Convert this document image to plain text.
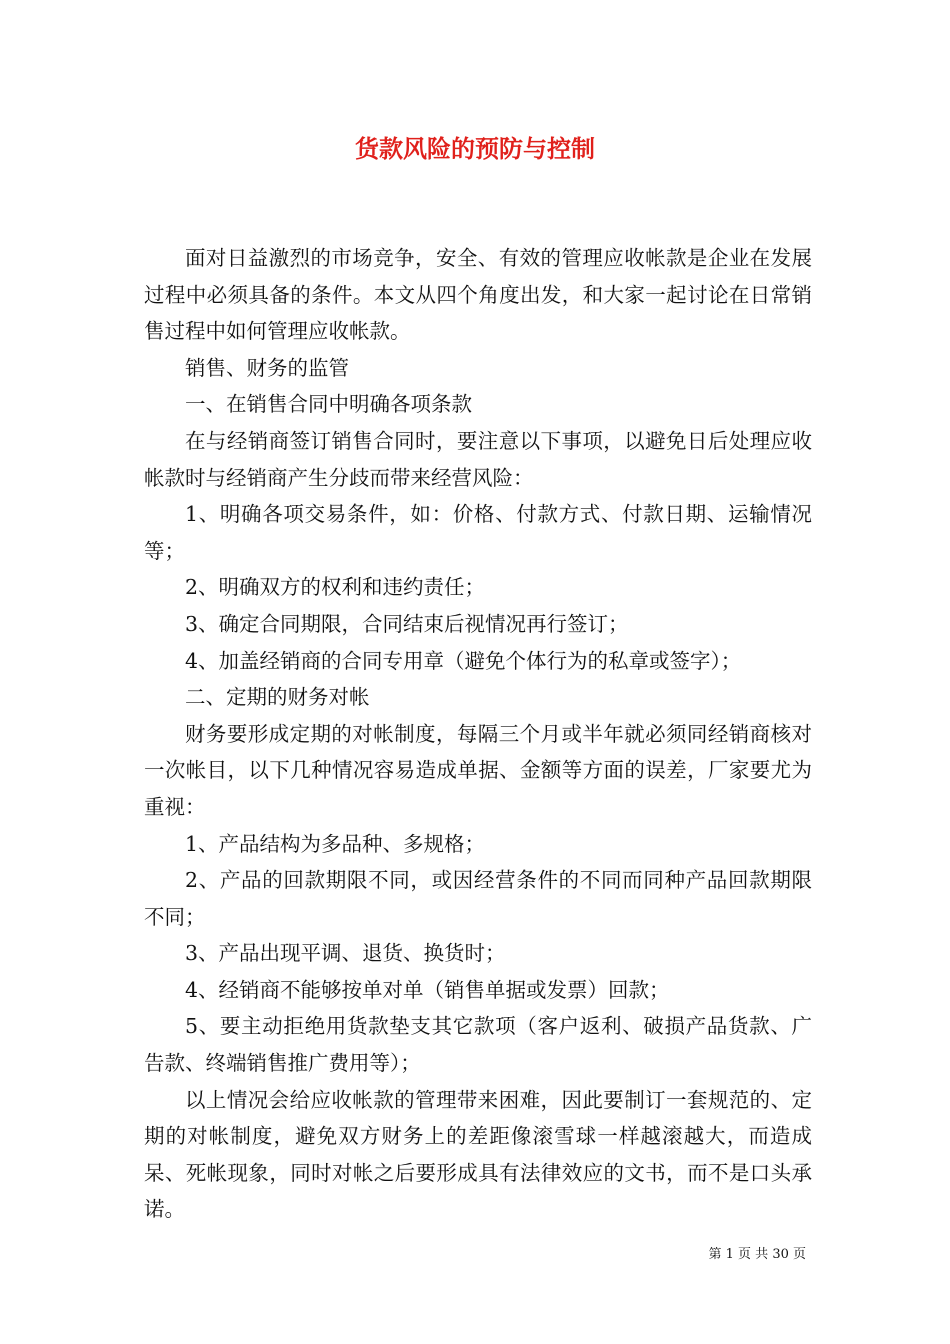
货款风险的预防与控制

面对日益激烈的市场竞争，安全、有效的管理应收帐款是企业在发展过程中必须具备的条件。本文从四个角度出发，和大家一起讨论在日常销售过程中如何管理应收帐款。

销售、财务的监管

一、在销售合同中明确各项条款

在与经销商签订销售合同时，要注意以下事项，以避免日后处理应收帐款时与经销商产生分歧而带来经营风险：

1、明确各项交易条件，如：价格、付款方式、付款日期、运输情况等；

2、明确双方的权利和违约责任；

3、确定合同期限，合同结束后视情况再行签订；

4、加盖经销商的合同专用章（避免个体行为的私章或签字）；

二、定期的财务对帐

财务要形成定期的对帐制度，每隔三个月或半年就必须同经销商核对一次帐目，以下几种情况容易造成单据、金额等方面的误差，厂家要尤为重视：

1、产品结构为多品种、多规格；

2、产品的回款期限不同，或因经营条件的不同而同种产品回款期限不同；

3、产品出现平调、退货、换货时；

4、经销商不能够按单对单（销售单据或发票）回款；

5、要主动拒绝用货款垫支其它款项（客户返利、破损产品货款、广告款、终端销售推广费用等）；

以上情况会给应收帐款的管理带来困难，因此要制订一套规范的、定期的对帐制度，避免双方财务上的差距像滚雪球一样越滚越大，而造成呆、死帐现象，同时对帐之后要形成具有法律效应的文书，而不是口头承诺。

第 1 页 共 30 页
